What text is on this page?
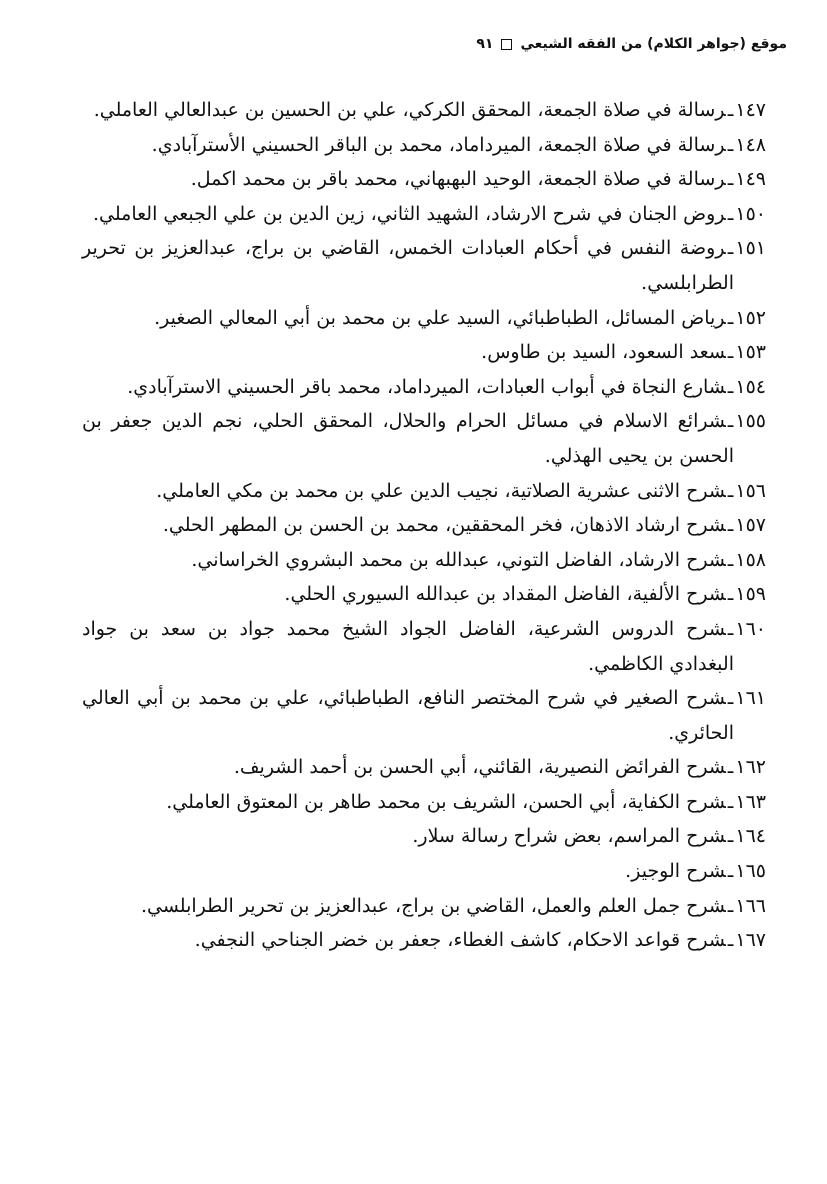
موقع (جواهر الكلام) من الفقه الشيعي
٩١
١٤٧ـرسالة في صلاة الجمعة، المحقق الكركي، علي بن الحسين بن عبدالعالي العاملي.
١٤٨ـرسالة في صلاة الجمعة، الميرداماد، محمد بن الباقر الحسيني الأسترآبادي.
١٤٩ـرسالة في صلاة الجمعة، الوحيد البهبهاني، محمد باقر بن محمد اكمل.
١٥٠ـروض الجنان في شرح الارشاد، الشهيد الثاني، زين الدين بن علي الجبعي العاملي.
١٥١ـروضة النفس في أحكام العبادات الخمس، القاضي بن براج، عبدالعزيز بن تحرير
الطرابلسي.
١٥٢ـرياض المسائل، الطباطبائي، السيد علي بن محمد بن أبي المعالي الصغير.
١٥٣ـسعد السعود، السيد بن طاوس.
١٥٤ـشارع النجاة في أبواب العبادات، الميرداماد، محمد باقر الحسيني الاسترآبادي.
١٥٥ـشرائع الاسلام في مسائل الحرام والحلال، المحقق الحلي، نجم الدين جعفر بن
الحسن بن يحيى الهذلي.
١٥٦ـشرح الاثنى عشرية الصلاتية، نجيب الدين علي بن محمد بن مكي العاملي.
١٥٧ـشرح ارشاد الاذهان، فخر المحققين، محمد بن الحسن بن المطهر الحلي.
١٥٨ـشرح الارشاد، الفاضل التوني، عبدالله بن محمد البشروي الخراساني.
١٥٩ـشرح الألفية، الفاضل المقداد بن عبدالله السيوري الحلي.
١٦٠ـشرح الدروس الشرعية، الفاضل الجواد الشيخ محمد جواد بن سعد بن جواد
البغدادي الكاظمي.
١٦١ـشرح الصغير في شرح المختصر النافع، الطباطبائي، علي بن محمد بن أبي العالي
الحائري.
١٦٢ـشرح الفرائض النصيرية، القائني، أبي الحسن بن أحمد الشريف.
١٦٣ـشرح الكفاية، أبي الحسن، الشريف بن محمد طاهر بن المعتوق العاملي.
١٦٤ـشرح المراسم، بعض شراح رسالة سلار.
١٦٥ـشرح الوجيز.
١٦٦ـشرح جمل العلم والعمل، القاضي بن براج، عبدالعزيز بن تحرير الطرابلسي.
١٦٧ـشرح قواعد الاحكام، كاشف الغطاء، جعفر بن خضر الجناحي النجفي.
